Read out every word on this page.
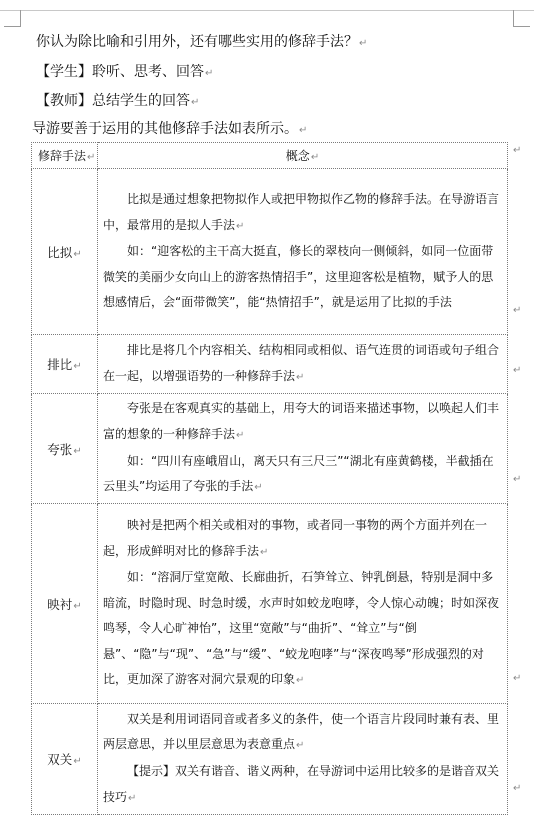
你认为除比喻和引用外，还有哪些实用的修辞手法？↵
【学生】聆听、思考、回答↵
【教师】总结学生的回答↵
导游要善于运用的其他修辞手法如表所示。↵
修辞手法↵	概念↵
比拟↵	比拟是通过想象把物拟作人或把甲物拟作乙物的修辞手法。在导游语言中，最常用的是拟人手法↵

如：“迎客松的主干高大挺直，修长的翠枝向一侧倾斜，如同一位面带微笑的美丽少女向山上的游客热情招手”，这里迎客松是植物，赋予人的思想感情后，会“面带微笑”，能“热情招手”，就是运用了比拟的手法

排比↵	排比是将几个内容相关、结构相同或相似、语气连贯的词语或句子组合在一起，以增强语势的一种修辞手法↵

夸张↵	夸张是在客观真实的基础上，用夸大的词语来描述事物，以唤起人们丰富的想象的一种修辞手法↵

如：“四川有座峨眉山，离天只有三尺三”“湖北有座黄鹤楼，半截插在云里头”均运用了夸张的手法↵

映衬↵	映衬是把两个相关或相对的事物，或者同一事物的两个方面并列在一起，形成鲜明对比的修辞手法↵

如：“溶洞厅堂宽敞、长廊曲折，石笋耸立、钟乳倒悬，特别是洞中多暗流，时隐时现、时急时缓，水声时如蛟龙咆哮，令人惊心动魄；时如深夜鸣琴，令人心旷神怡”，这里“宽敞”与“曲折”、“耸立”与“倒悬”、“隐”与“现”、“急”与“缓”、“蛟龙咆哮”与“深夜鸣琴”形成强烈的对比，更加深了游客对洞穴景观的印象↵

双关↵	双关是利用词语同音或者多义的条件，使一个语言片段同时兼有表、里两层意思，并以里层意思为表意重点↵

【提示】双关有谐音、谐义两种，在导游词中运用比较多的是谐音双关技巧↵

↵
↵
↵
↵
↵
↵
